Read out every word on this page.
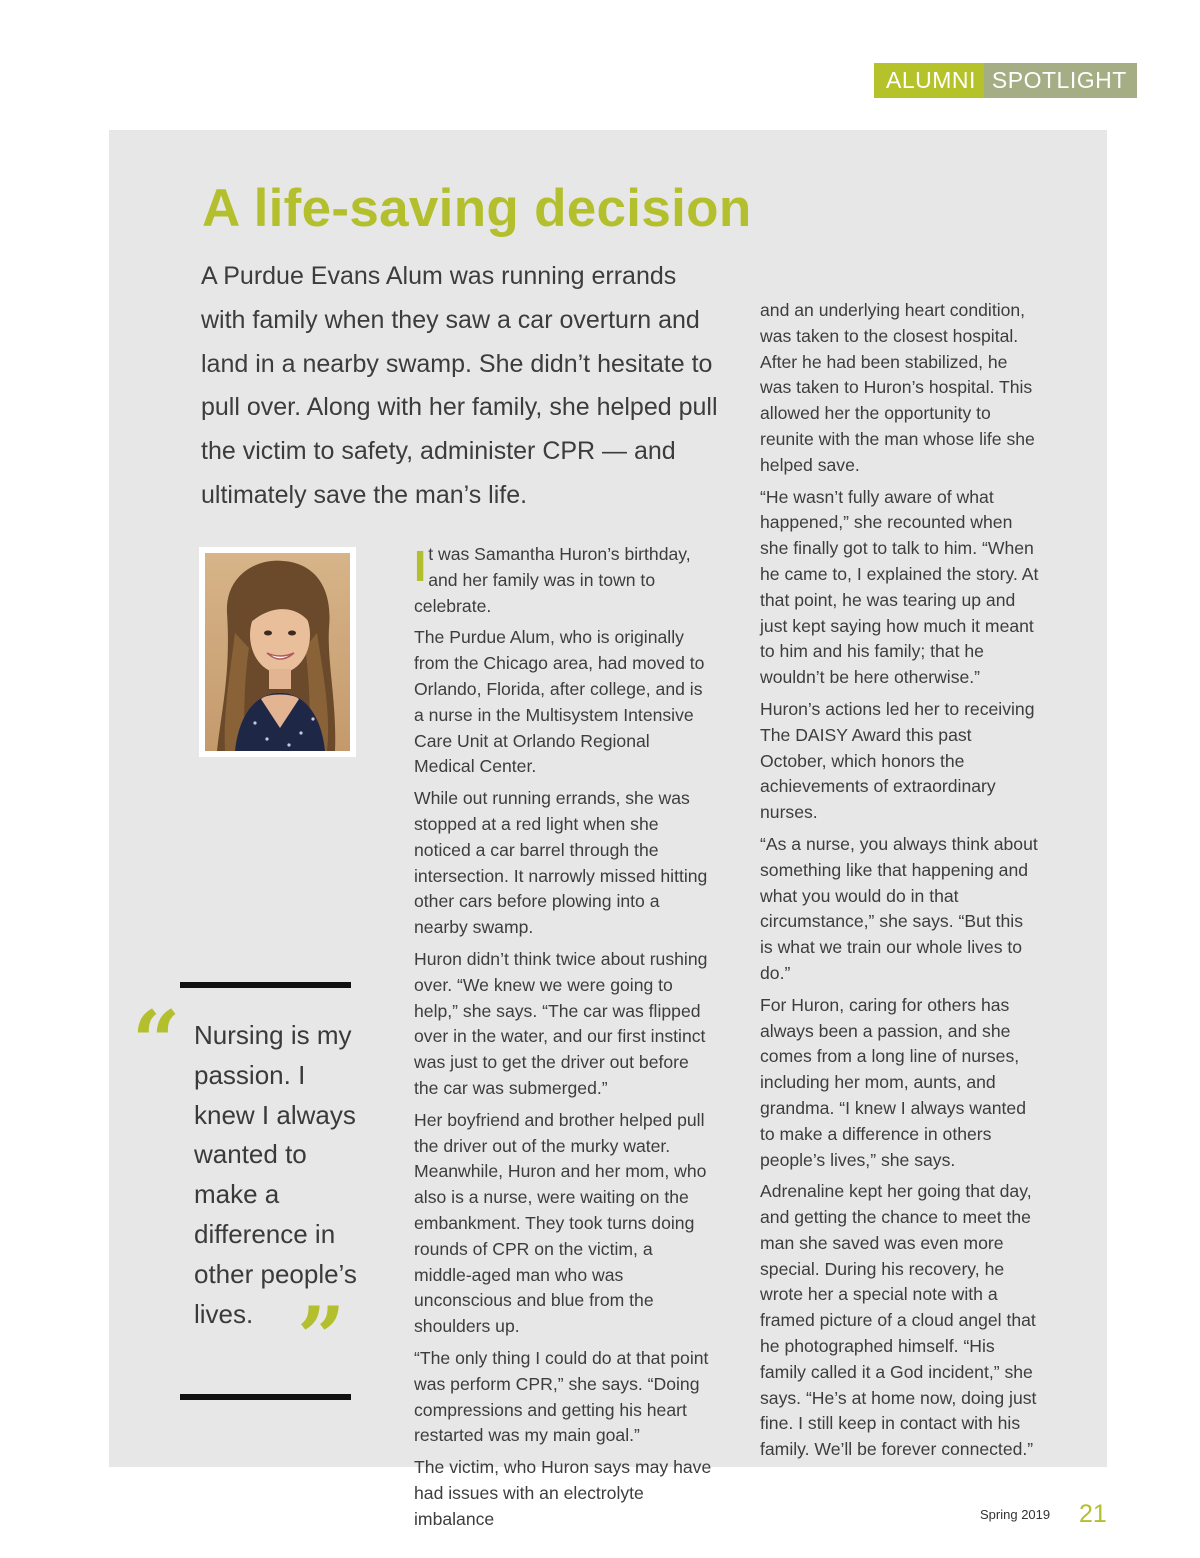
ALUMNI SPOTLIGHT
A life-saving decision

A Purdue Evans Alum was running errands with family when they saw a car overturn and land in a nearby swamp. She didn’t hesitate to pull over. Along with her family, she helped pull the victim to safety, administer CPR — and ultimately save the man’s life.

“ Nursing is my passion. I knew I always wanted to make a difference in other people’s lives. ”

It was Samantha Huron’s birthday, and her family was in town to celebrate.

The Purdue Alum, who is originally from the Chicago area, had moved to Orlando, Florida, after college, and is a nurse in the Multisystem Intensive Care Unit at Orlando Regional Medical Center.

While out running errands, she was stopped at a red light when she noticed a car barrel through the intersection. It narrowly missed hitting other cars before plowing into a nearby swamp.

Huron didn’t think twice about rushing over. “We knew we were going to help,” she says. “The car was flipped over in the water, and our first instinct was just to get the driver out before the car was submerged.”

Her boyfriend and brother helped pull the driver out of the murky water. Meanwhile, Huron and her mom, who also is a nurse, were waiting on the embankment. They took turns doing rounds of CPR on the victim, a middle-aged man who was unconscious and blue from the shoulders up.

“The only thing I could do at that point was perform CPR,” she says. “Doing compressions and getting his heart restarted was my main goal.”

The victim, who Huron says may have had issues with an electrolyte imbalance

and an underlying heart condition, was taken to the closest hospital. After he had been stabilized, he was taken to Huron’s hospital. This allowed her the opportunity to reunite with the man whose life she helped save.

“He wasn’t fully aware of what happened,” she recounted when she finally got to talk to him. “When he came to, I explained the story. At that point, he was tearing up and just kept saying how much it meant to him and his family; that he wouldn’t be here otherwise.”

Huron’s actions led her to receiving The DAISY Award this past October, which honors the achievements of extraordinary nurses.

“As a nurse, you always think about something like that happening and what you would do in that circumstance,” she says. “But this is what we train our whole lives to do.”

For Huron, caring for others has always been a passion, and she comes from a long line of nurses, including her mom, aunts, and grandma. “I knew I always wanted to make a difference in others people’s lives,” she says.

Adrenaline kept her going that day, and getting the chance to meet the man she saved was even more special. During his recovery, he wrote her a special note with a framed picture of a cloud angel that he photographed himself. “His family called it a God incident,” she says. “He’s at home now, doing just fine. I still keep in contact with his family. We’ll be forever connected.”

Spring 2019 21
